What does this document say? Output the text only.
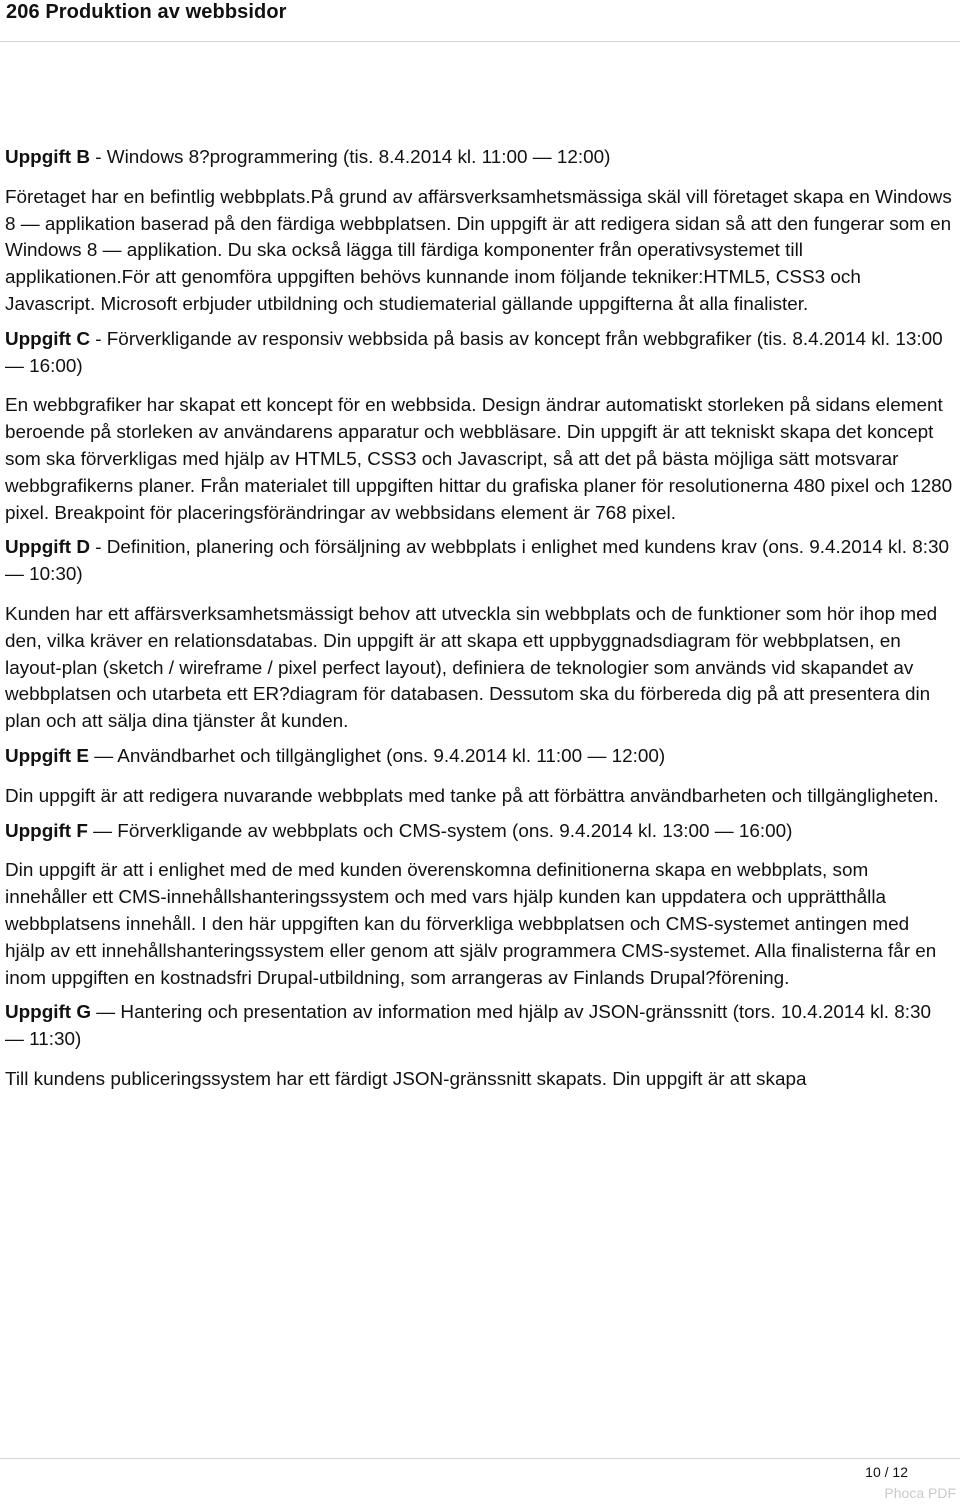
206 Produktion av webbsidor

Uppgift B - Windows 8?programmering (tis. 8.4.2014 kl. 11:00 — 12:00)

Företaget har en befintlig webbplats.På grund av affärsverksamhetsmässiga skäl vill företaget skapa en Windows 8 — applikation baserad på den färdiga webbplatsen. Din uppgift är att redigera sidan så att den fungerar som en Windows 8 — applikation. Du ska också lägga till färdiga komponenter från operativsystemet till applikationen.För att genomföra uppgiften behövs kunnande inom följande tekniker:HTML5, CSS3 och Javascript. Microsoft erbjuder utbildning och studiematerial gällande uppgifterna åt alla finalister.

Uppgift C - Förverkligande av responsiv webbsida på basis av koncept från webbgrafiker (tis. 8.4.2014 kl. 13:00 — 16:00)

En webbgrafiker har skapat ett koncept för en webbsida. Design ändrar automatiskt storleken på sidans element beroende på storleken av användarens apparatur och webbläsare. Din uppgift är att tekniskt skapa det koncept som ska förverkligas med hjälp av HTML5, CSS3 och Javascript, så att det på bästa möjliga sätt motsvarar webbgrafikerns planer. Från materialet till uppgiften hittar du grafiska planer för resolutionerna 480 pixel och 1280 pixel. Breakpoint för placeringsförändringar av webbsidans element är 768 pixel.

Uppgift D - Definition, planering och försäljning av webbplats i enlighet med kundens krav (ons. 9.4.2014 kl. 8:30 — 10:30)

Kunden har ett affärsverksamhetsmässigt behov att utveckla sin webbplats och de funktioner som hör ihop med den, vilka kräver en relationsdatabas. Din uppgift är att skapa ett uppbyggnadsdiagram för webbplatsen, en layout-plan (sketch / wireframe / pixel perfect layout), definiera de teknologier som används vid skapandet av webbplatsen och utarbeta ett ER?diagram för databasen. Dessutom ska du förbereda dig på att presentera din plan och att sälja dina tjänster åt kunden.

Uppgift E — Användbarhet och tillgänglighet (ons. 9.4.2014 kl. 11:00 — 12:00)

Din uppgift är att redigera nuvarande webbplats med tanke på att förbättra användbarheten och tillgängligheten.

Uppgift F — Förverkligande av webbplats och CMS-system (ons. 9.4.2014 kl. 13:00 — 16:00)

Din uppgift är att i enlighet med de med kunden överenskomna definitionerna skapa en webbplats, som innehåller ett CMS-innehållshanteringssystem och med vars hjälp kunden kan uppdatera och upprätthålla webbplatsens innehåll. I den här uppgiften kan du förverkliga webbplatsen och CMS-systemet antingen med hjälp av ett innehållshanteringssystem eller genom att själv programmera CMS-systemet. Alla finalisterna får en inom uppgiften en kostnadsfri Drupal-utbildning, som arrangeras av Finlands Drupal?förening.

Uppgift G — Hantering och presentation av information med hjälp av JSON-gränssnitt (tors. 10.4.2014 kl. 8:30 — 11:30)

Till kundens publiceringssystem har ett färdigt JSON-gränssnitt skapats. Din uppgift är att skapa

10 / 12
Phoca PDF
